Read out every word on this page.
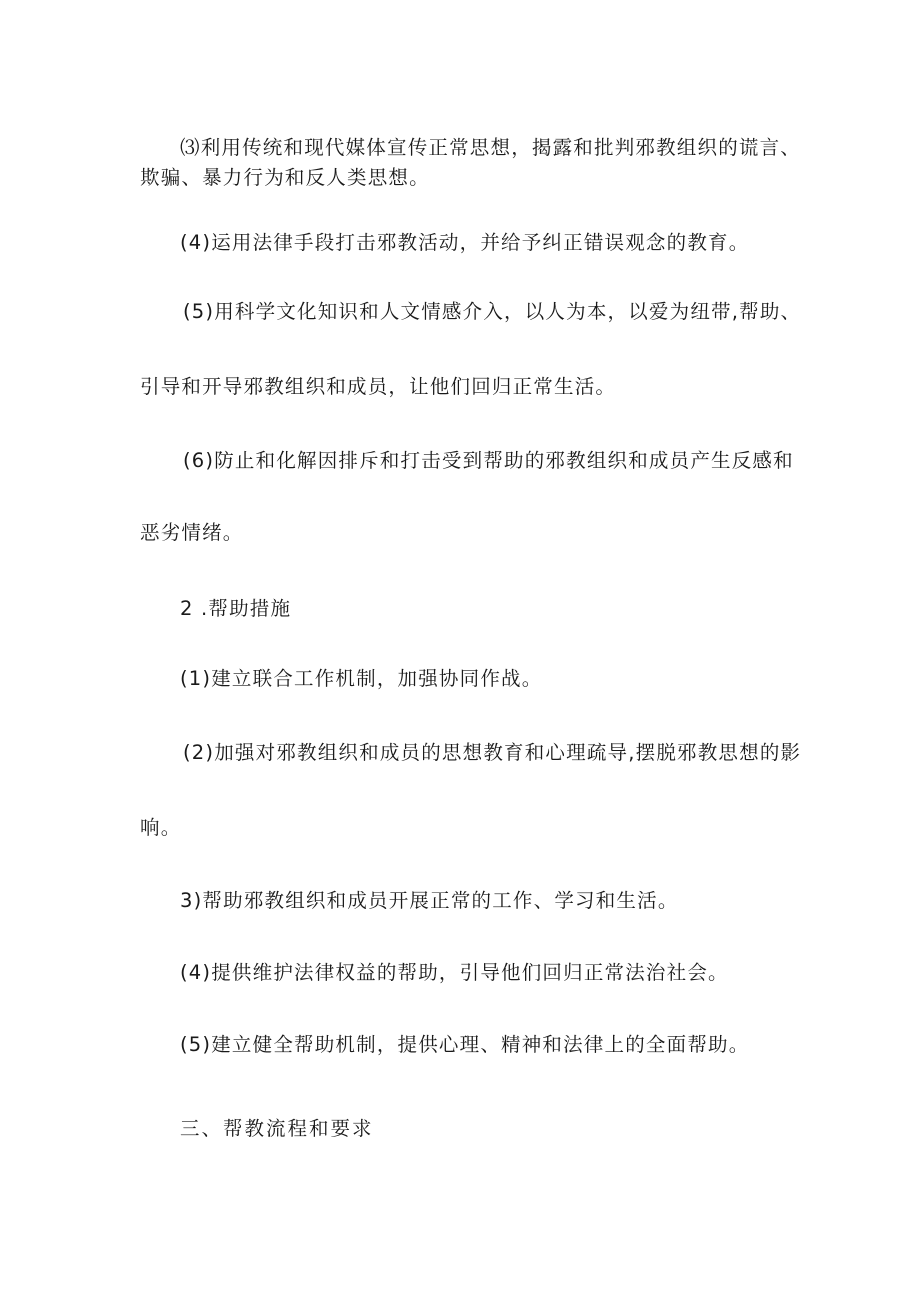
⑶利用传统和现代媒体宣传正常思想，揭露和批判邪教组织的谎言、
欺骗、暴力行为和反人类思想。
(4)运用法律手段打击邪教活动，并给予纠正错误观念的教育。
(5)用科学文化知识和人文情感介入，以人为本，以爱为纽带,帮助、
引导和开导邪教组织和成员，让他们回归正常生活。
(6)防止和化解因排斥和打击受到帮助的邪教组织和成员产生反感和
恶劣情绪。
2 .帮助措施
(1)建立联合工作机制，加强协同作战。
(2)加强对邪教组织和成员的思想教育和心理疏导,摆脱邪教思想的影
响。
3)帮助邪教组织和成员开展正常的工作、学习和生活。
(4)提供维护法律权益的帮助，引导他们回归正常法治社会。
(5)建立健全帮助机制，提供心理、精神和法律上的全面帮助。
三、帮教流程和要求
